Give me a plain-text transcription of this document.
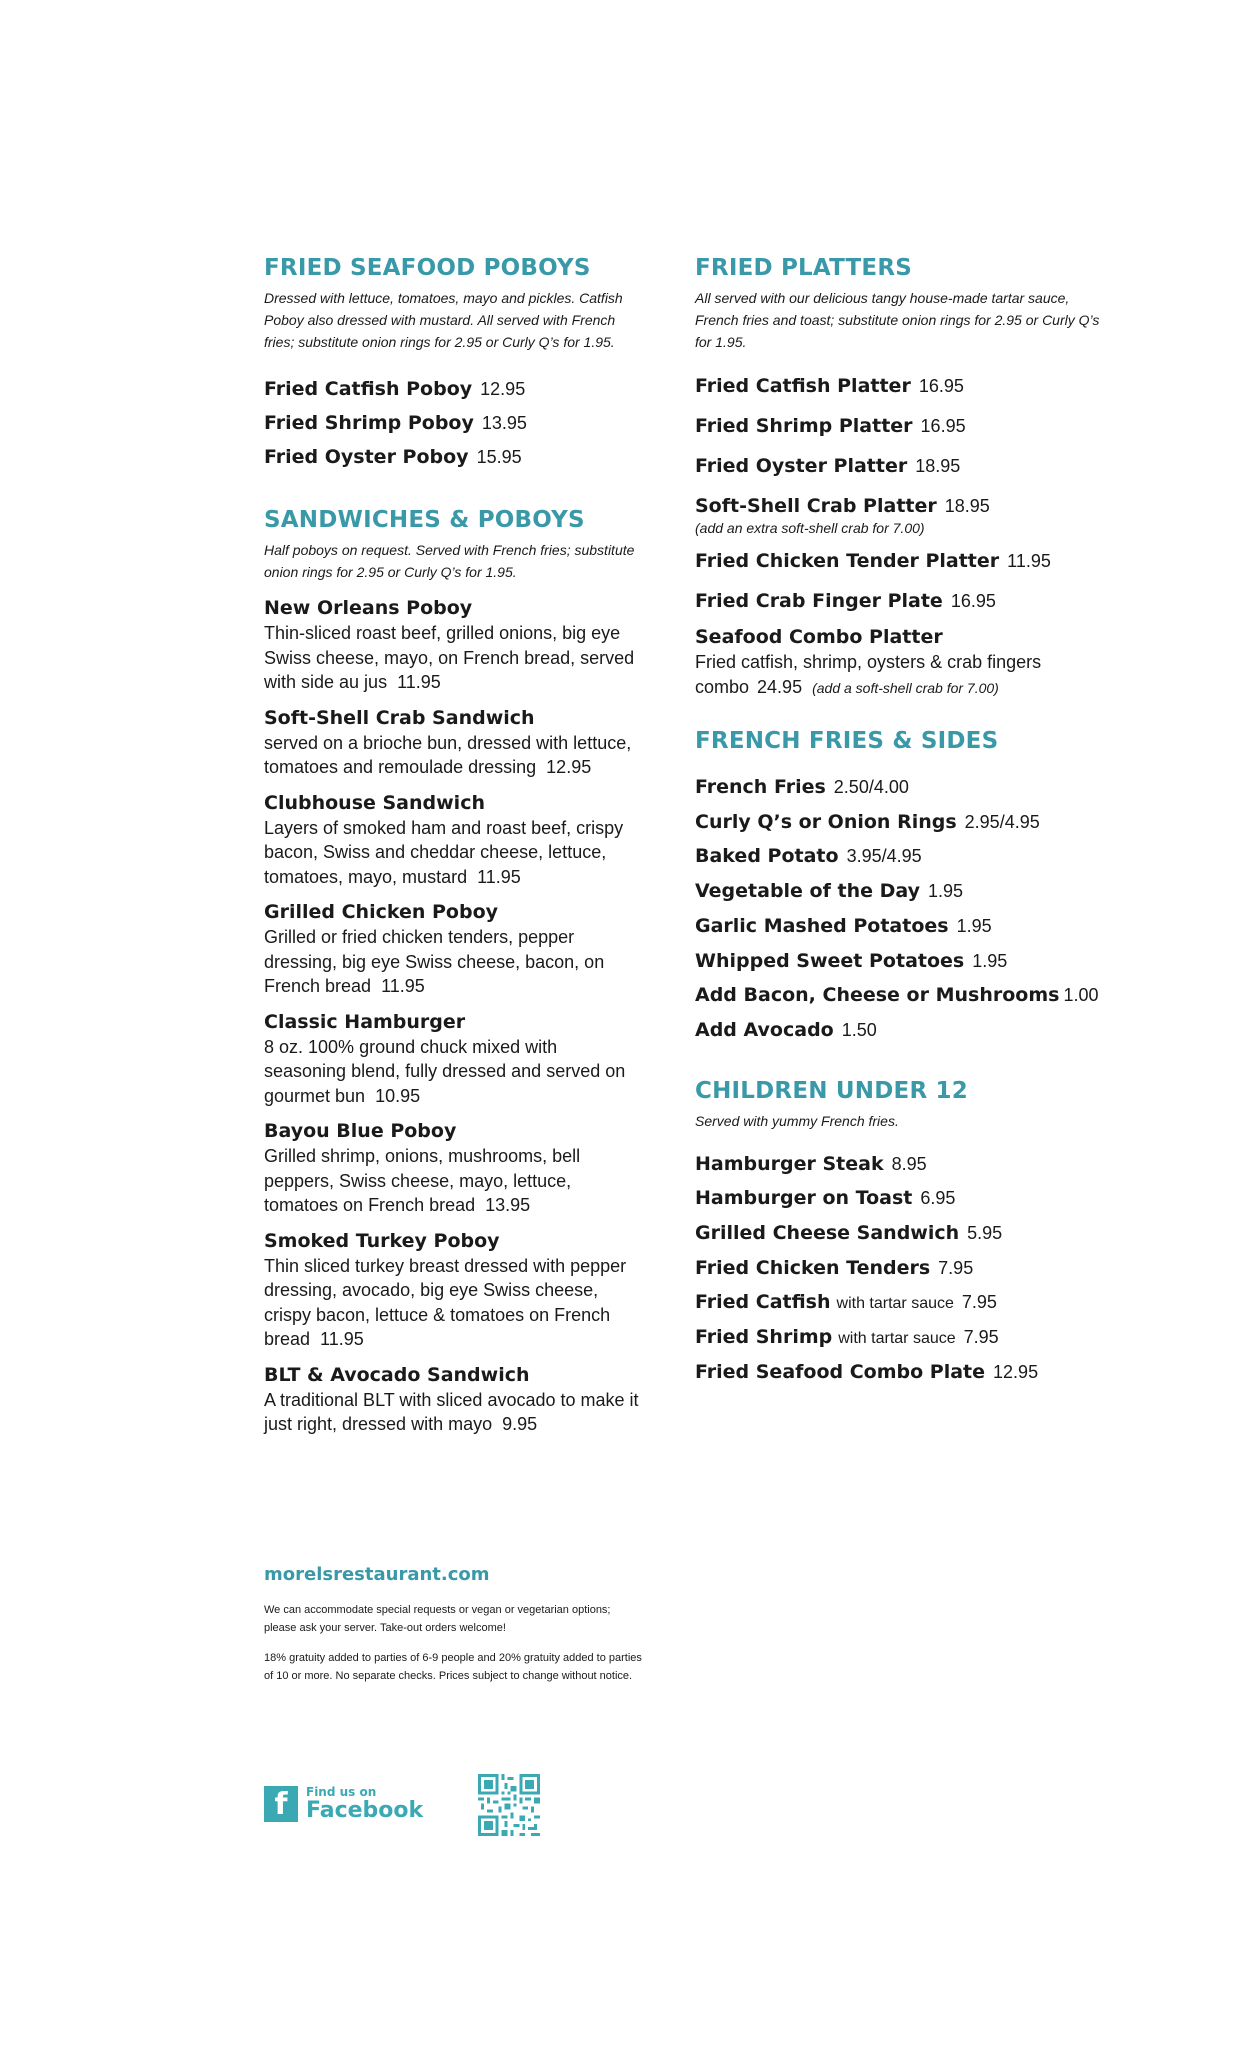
FRIED SEAFOOD POBOYS

Dressed with lettuce, tomatoes, mayo and pickles. Catfish Poboy also dressed with mustard. All served with French fries; substitute onion rings for 2.95 or Curly Q’s for 1.95.

Fried Catfish Poboy 12.95
Fried Shrimp Poboy 13.95
Fried Oyster Poboy 15.95
SANDWICHES & POBOYS

Half poboys on request. Served with French fries; substitute onion rings for 2.95 or Curly Q’s for 1.95.

New Orleans Poboy
Thin-sliced roast beef, grilled onions, big eye Swiss cheese, mayo, on French bread, served with side au jus 11.95
Soft-Shell Crab Sandwich
served on a brioche bun, dressed with lettuce, tomatoes and remoulade dressing 12.95
Clubhouse Sandwich
Layers of smoked ham and roast beef, crispy bacon, Swiss and cheddar cheese, lettuce, tomatoes, mayo, mustard 11.95
Grilled Chicken Poboy
Grilled or fried chicken tenders, pepper dressing, big eye Swiss cheese, bacon, on French bread 11.95
Classic Hamburger
8 oz. 100% ground chuck mixed with seasoning blend, fully dressed and served on gourmet bun 10.95
Bayou Blue Poboy
Grilled shrimp, onions, mushrooms, bell peppers, Swiss cheese, mayo, lettuce, tomatoes on French bread 13.95
Smoked Turkey Poboy
Thin sliced turkey breast dressed with pepper dressing, avocado, big eye Swiss cheese, crispy bacon, lettuce & tomatoes on French bread 11.95
BLT & Avocado Sandwich
A traditional BLT with sliced avocado to make it just right, dressed with mayo 9.95
FRIED PLATTERS

All served with our delicious tangy house-made tartar sauce, French fries and toast; substitute onion rings for 2.95 or Curly Q’s for 1.95.

Fried Catfish Platter 16.95
Fried Shrimp Platter 16.95
Fried Oyster Platter 18.95
Soft-Shell Crab Platter 18.95
(add an extra soft-shell crab for 7.00)
Fried Chicken Tender Platter 11.95
Fried Crab Finger Plate 16.95
Seafood Combo Platter
Fried catfish, shrimp, oysters & crab fingers combo 24.95 (add a soft-shell crab for 7.00)
FRENCH FRIES & SIDES
French Fries 2.50/4.00
Curly Q’s or Onion Rings 2.95/4.95
Baked Potato 3.95/4.95
Vegetable of the Day 1.95
Garlic Mashed Potatoes 1.95
Whipped Sweet Potatoes 1.95
Add Bacon, Cheese or Mushrooms 1.00
Add Avocado 1.50
CHILDREN UNDER 12

Served with yummy French fries.

Hamburger Steak 8.95
Hamburger on Toast 6.95
Grilled Cheese Sandwich 5.95
Fried Chicken Tenders 7.95
Fried Catfish with tartar sauce 7.95
Fried Shrimp with tartar sauce 7.95
Fried Seafood Combo Plate 12.95

morelsrestaurant.com

We can accommodate special requests or vegan or vegetarian options; please ask your server. Take-out orders welcome!

18% gratuity added to parties of 6-9 people and 20% gratuity added to parties of 10 or more. No separate checks. Prices subject to change without notice.

f	Find us on
Facebook
